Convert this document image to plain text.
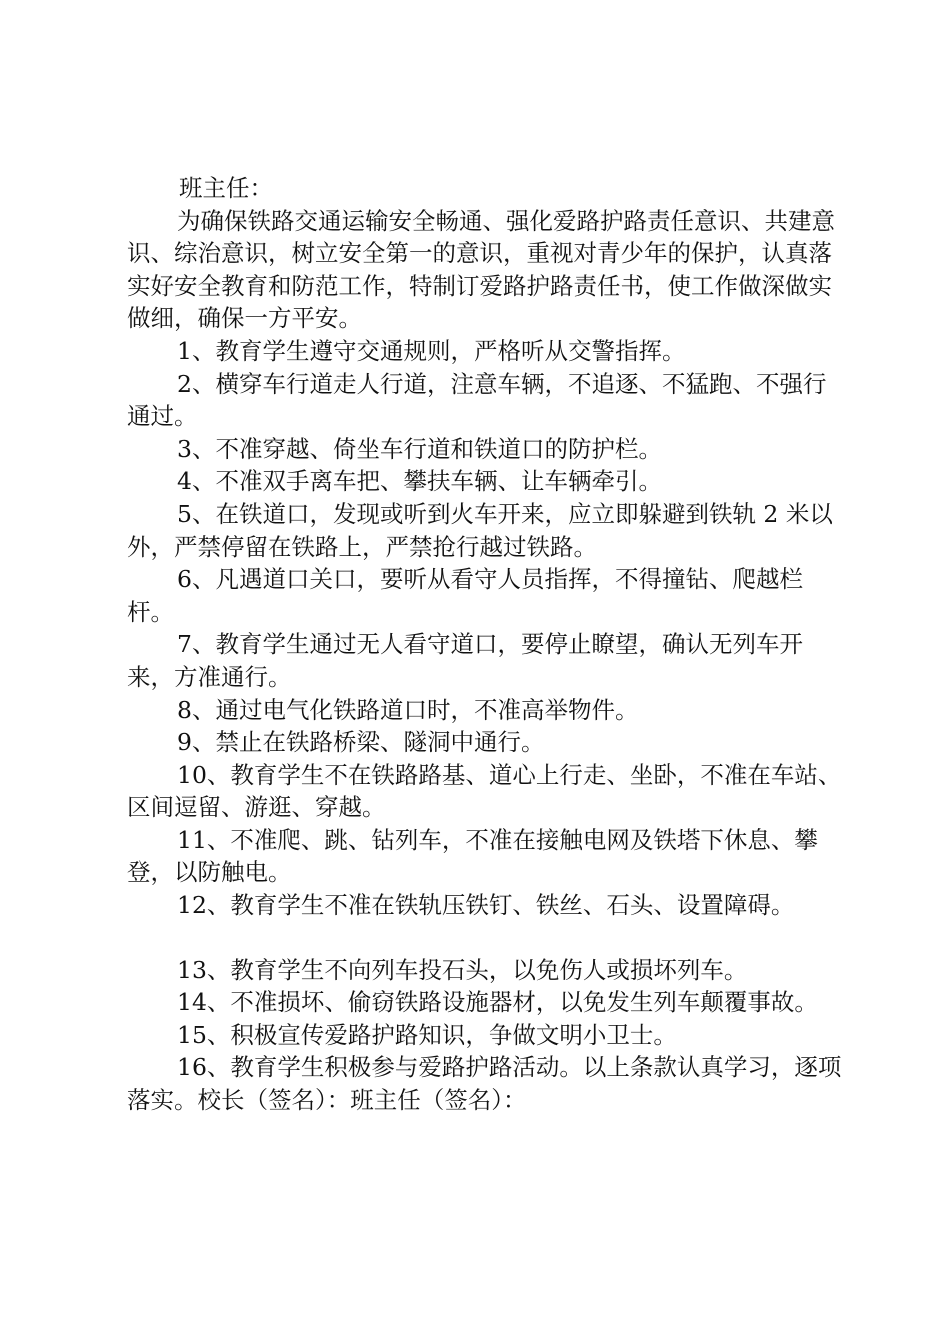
班主任：

为确保铁路交通运输安全畅通、强化爱路护路责任意识、共建意识、综治意识，树立安全第一的意识，重视对青少年的保护，认真落实好安全教育和防范工作，特制订爱路护路责任书，使工作做深做实做细，确保一方平安。

1、教育学生遵守交通规则，严格听从交警指挥。

2、横穿车行道走人行道，注意车辆，不追逐、不猛跑、不强行通过。

3、不准穿越、倚坐车行道和铁道口的防护栏。

4、不准双手离车把、攀扶车辆、让车辆牵引。

5、在铁道口，发现或听到火车开来，应立即躲避到铁轨 2 米以外，严禁停留在铁路上，严禁抢行越过铁路。

6、凡遇道口关口，要听从看守人员指挥，不得撞钻、爬越栏杆。

7、教育学生通过无人看守道口，要停止瞭望，确认无列车开来，方准通行。

8、通过电气化铁路道口时，不准高举物件。

9、禁止在铁路桥梁、隧洞中通行。

10、教育学生不在铁路路基、道心上行走、坐卧，不准在车站、区间逗留、游逛、穿越。

11、不准爬、跳、钻列车，不准在接触电网及铁塔下休息、攀登，以防触电。

12、教育学生不准在铁轨压铁钉、铁丝、石头、设置障碍。

13、教育学生不向列车投石头，以免伤人或损坏列车。

14、不准损坏、偷窃铁路设施器材，以免发生列车颠覆事故。

15、积极宣传爱路护路知识，争做文明小卫士。

16、教育学生积极参与爱路护路活动。以上条款认真学习，逐项落实。校长（签名）：班主任（签名）：
